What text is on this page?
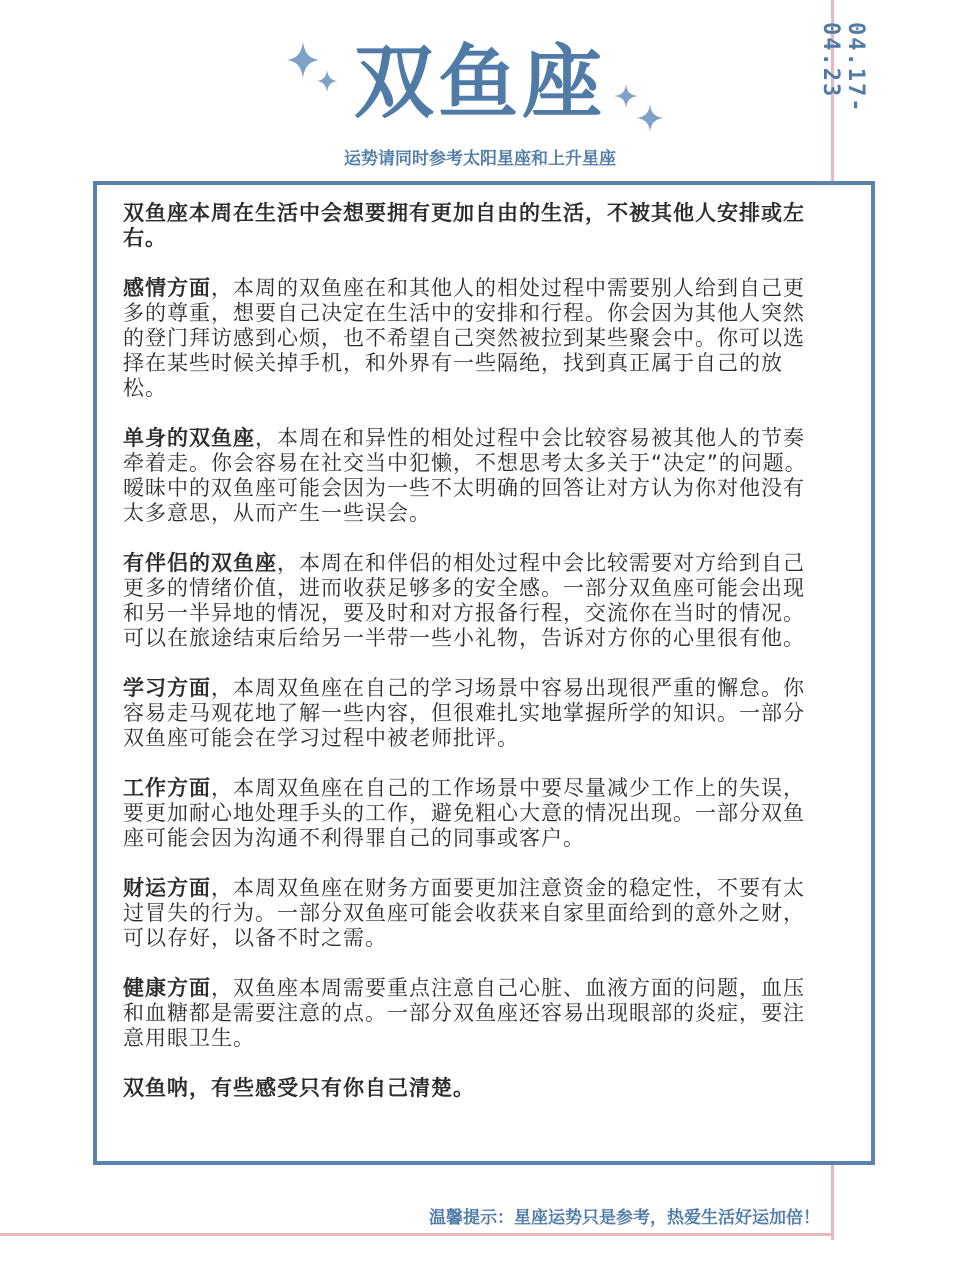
双鱼座
运势请同时参考太阳星座和上升星座
04.17-04.23

双鱼座本周在生活中会想要拥有更加自由的生活，不被其他人安排或左右。

感情方面，本周的双鱼座在和其他人的相处过程中需要别人给到自己更多的尊重，想要自己决定在生活中的安排和行程。你会因为其他人突然的登门拜访感到心烦，也不希望自己突然被拉到某些聚会中。你可以选择在某些时候关掉手机，和外界有一些隔绝，找到真正属于自己的放松。

单身的双鱼座，本周在和异性的相处过程中会比较容易被其他人的节奏牵着走。你会容易在社交当中犯懒，不想思考太多关于“决定”的问题。暧昧中的双鱼座可能会因为一些不太明确的回答让对方认为你对他没有太多意思，从而产生一些误会。

有伴侣的双鱼座，本周在和伴侣的相处过程中会比较需要对方给到自己更多的情绪价值，进而收获足够多的安全感。一部分双鱼座可能会出现和另一半异地的情况，要及时和对方报备行程，交流你在当时的情况。可以在旅途结束后给另一半带一些小礼物，告诉对方你的心里很有他。

学习方面，本周双鱼座在自己的学习场景中容易出现很严重的懈怠。你容易走马观花地了解一些内容，但很难扎实地掌握所学的知识。一部分双鱼座可能会在学习过程中被老师批评。

工作方面，本周双鱼座在自己的工作场景中要尽量减少工作上的失误，要更加耐心地处理手头的工作，避免粗心大意的情况出现。一部分双鱼座可能会因为沟通不利得罪自己的同事或客户。

财运方面，本周双鱼座在财务方面要更加注意资金的稳定性，不要有太过冒失的行为。一部分双鱼座可能会收获来自家里面给到的意外之财，可以存好，以备不时之需。

健康方面，双鱼座本周需要重点注意自己心脏、血液方面的问题，血压和血糖都是需要注意的点。一部分双鱼座还容易出现眼部的炎症，要注意用眼卫生。

双鱼呐，有些感受只有你自己清楚。

温馨提示：星座运势只是参考，热爱生活好运加倍！
